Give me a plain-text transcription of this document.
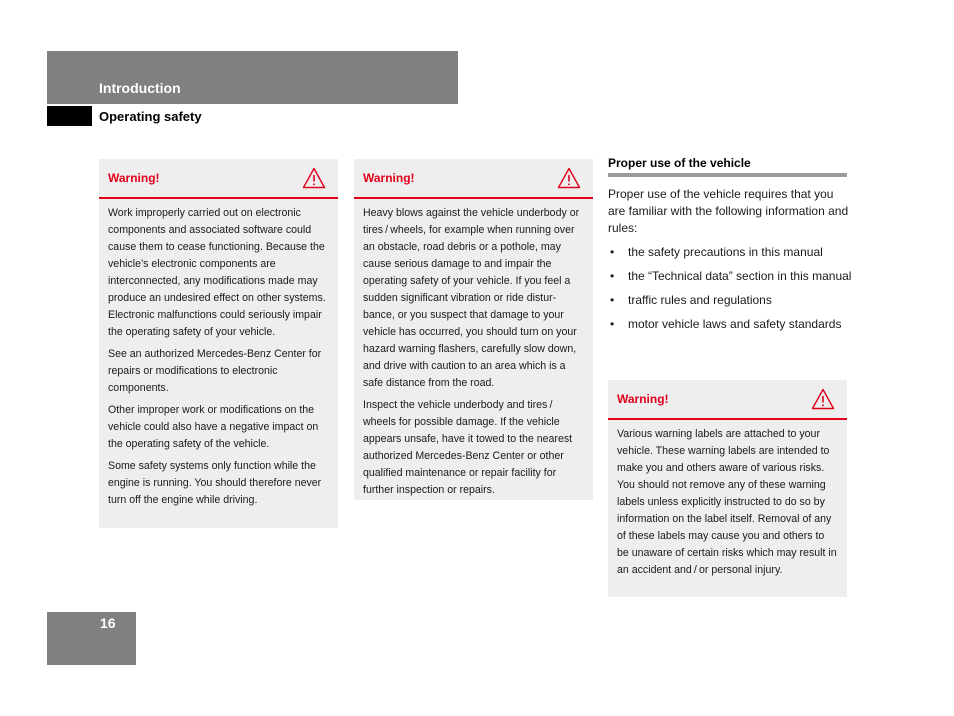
Introduction
Operating safety
Warning!

Work improperly carried out on electronic components and associated software could cause them to cease functioning. Because the vehicle’s electronic components are interconnected, any modifications made may produce an undesired effect on other systems. Electronic malfunctions could seriously impair the operating safety of your vehicle.

See an authorized Mercedes-Benz Center for repairs or modifications to electronic components.

Other improper work or modifications on the vehicle could also have a negative impact on the operating safety of the vehicle.

Some safety systems only function while the engine is running. You should therefore never turn off the engine while driving.

Warning!

Heavy blows against the vehicle underbody or tires / wheels, for example when running over an obstacle, road debris or a pothole, may cause serious damage to and impair the operating safety of your vehicle. If you feel a sudden significant vibration or ride distur-bance, or you suspect that damage to your vehicle has occurred, you should turn on your hazard warning flashers, carefully slow down, and drive with caution to an area which is a safe distance from the road.

Inspect the vehicle underbody and tires / wheels for possible damage. If the vehicle appears unsafe, have it towed to the nearest authorized Mercedes-Benz Center or other qualified maintenance or repair facility for further inspection or repairs.

Proper use of the vehicle

Proper use of the vehicle requires that you are familiar with the following information and rules:

• the safety precautions in this manual
• the “Technical data” section in this manual
• traffic rules and regulations
• motor vehicle laws and safety standards
Warning!

Various warning labels are attached to your vehicle. These warning labels are intended to make you and others aware of various risks. You should not remove any of these warning labels unless explicitly instructed to do so by information on the label itself. Removal of any of these labels may cause you and others to be unaware of certain risks which may result in an accident and / or personal injury.

16
